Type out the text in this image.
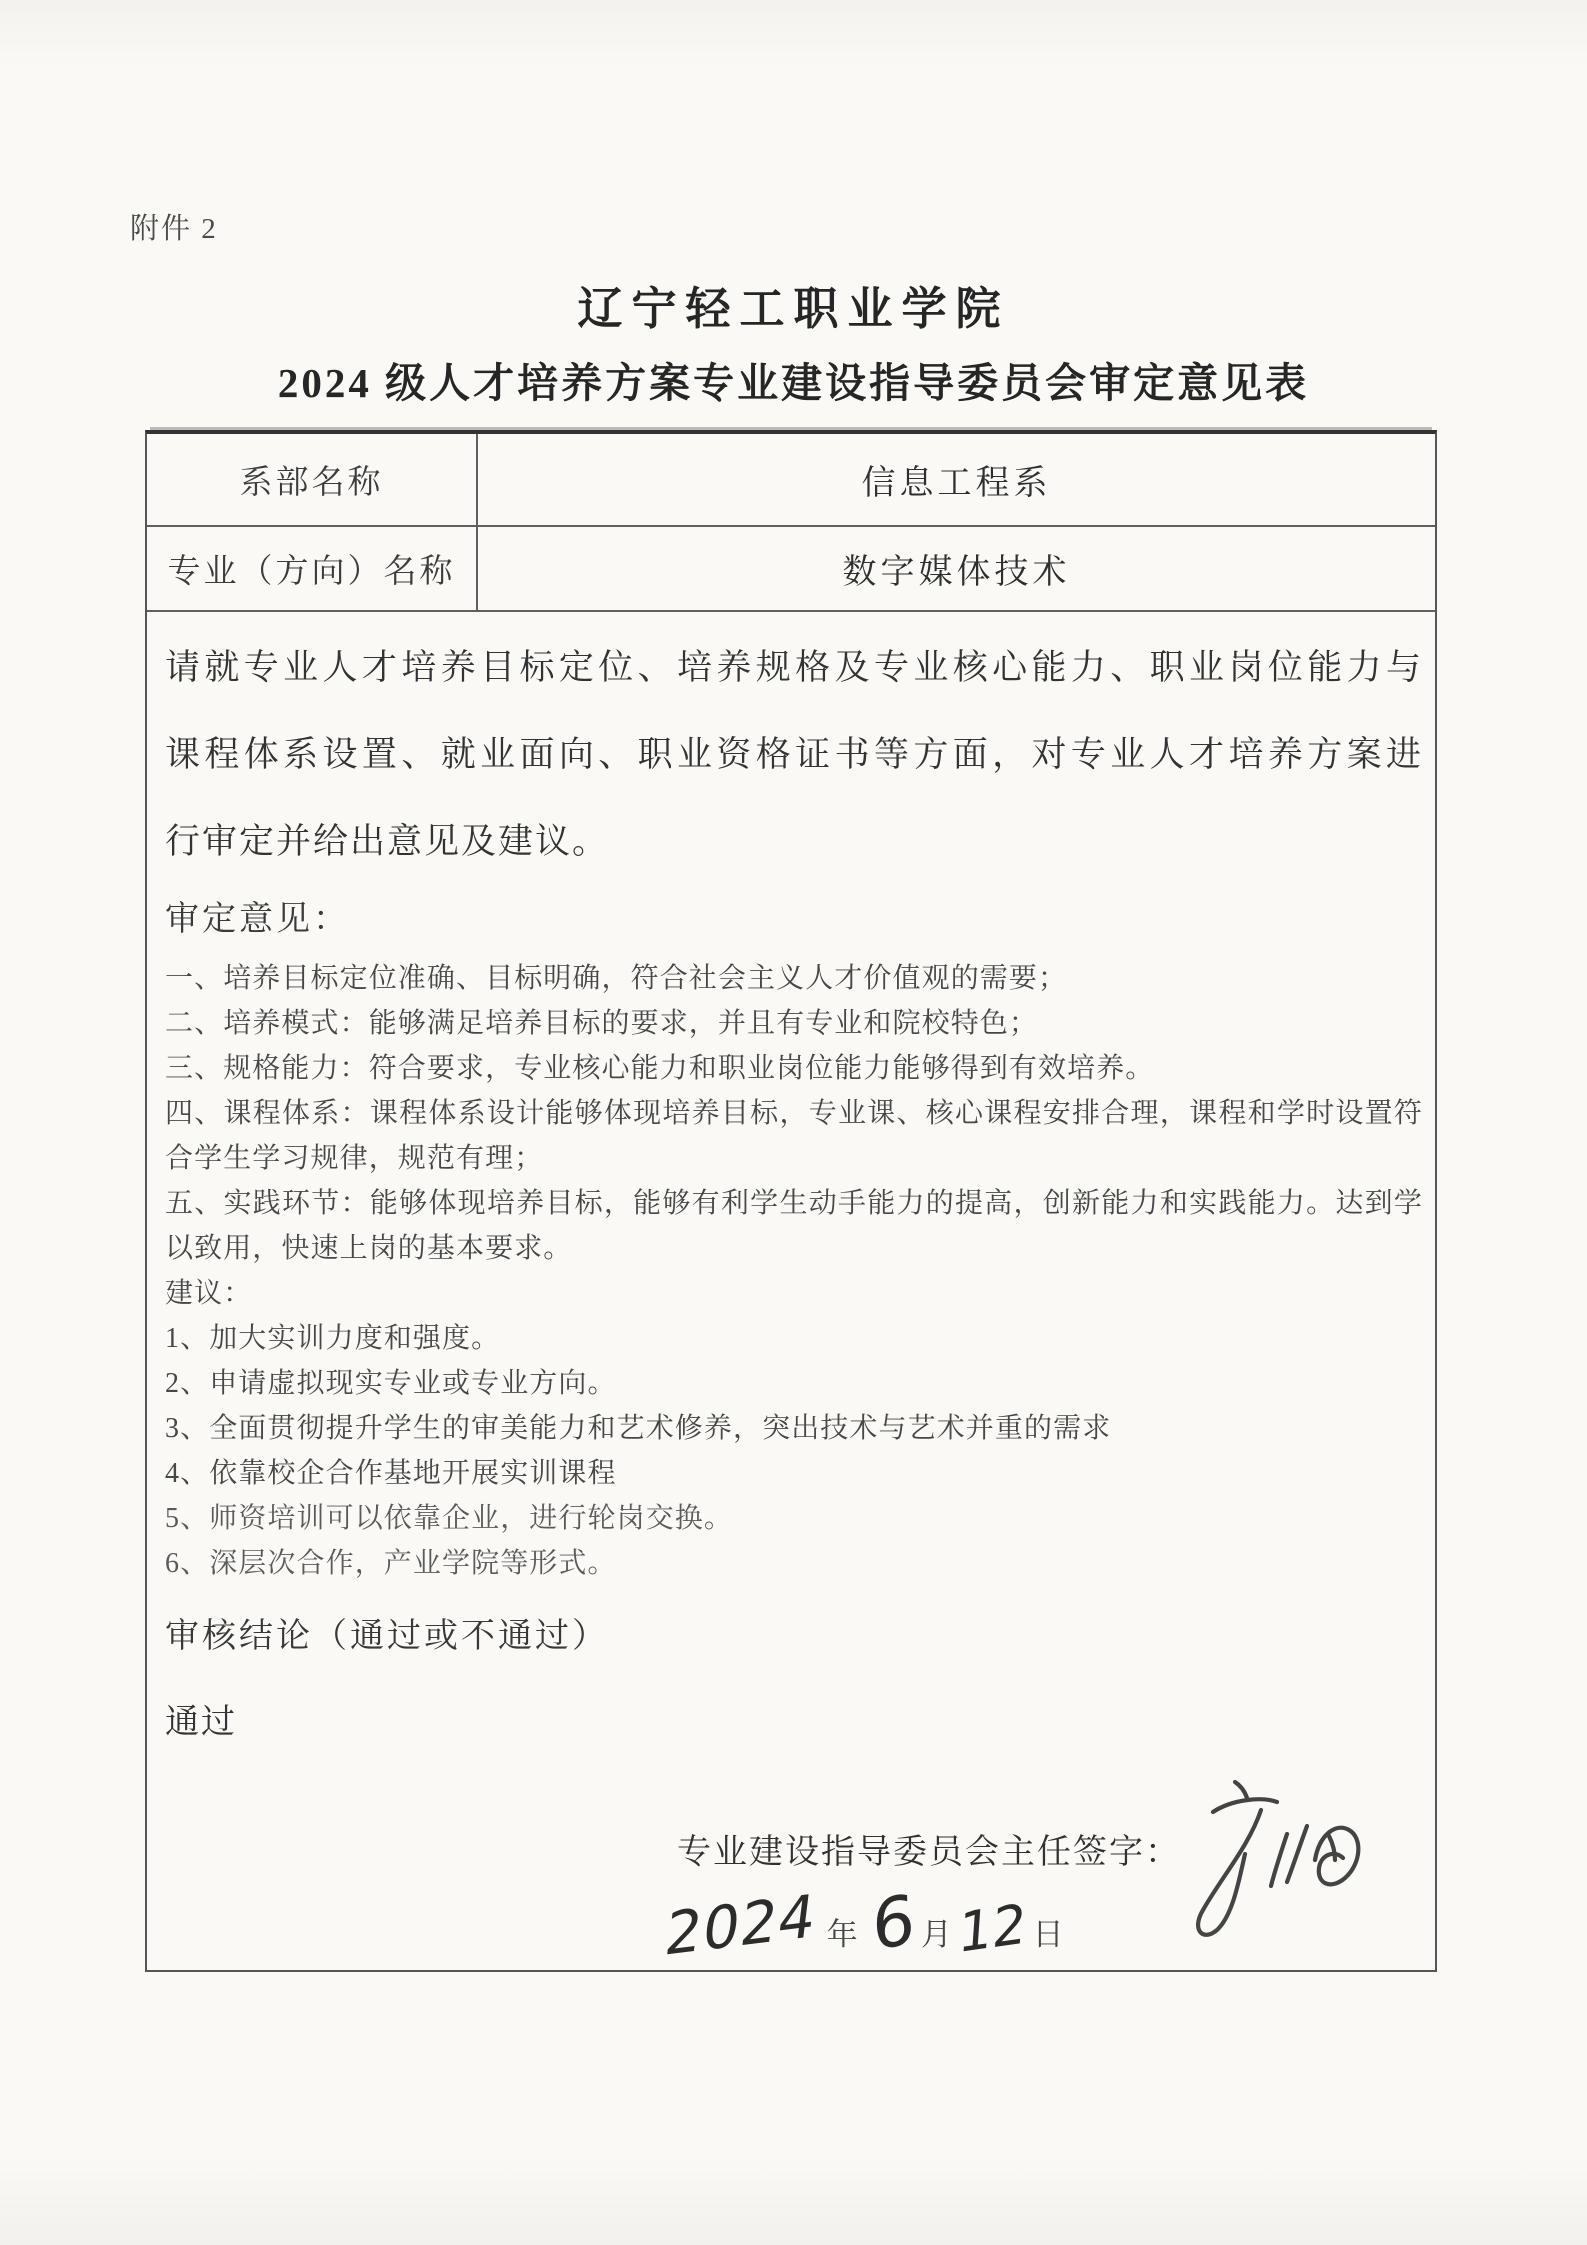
附件 2
辽宁轻工职业学院
2024 级人才培养方案专业建设指导委员会审定意见表
系部名称	信息工程系
专业（方向）名称	数字媒体技术
请就专业人才培养目标定位、培养规格及专业核心能力、职业岗位能力与
课程体系设置、就业面向、职业资格证书等方面，对专业人才培养方案进
行审定并给出意见及建议。
审定意见：
一、培养目标定位准确、目标明确，符合社会主义人才价值观的需要；
二、培养模式：能够满足培养目标的要求，并且有专业和院校特色；
三、规格能力：符合要求，专业核心能力和职业岗位能力能够得到有效培养。
四、课程体系：课程体系设计能够体现培养目标，专业课、核心课程安排合理，课程和学时设置符合学生学习规律，规范有理；
五、实践环节：能够体现培养目标，能够有利学生动手能力的提高，创新能力和实践能力。达到学以致用，快速上岗的基本要求。
建议：
1、加大实训力度和强度。
2、申请虚拟现实专业或专业方向。
3、全面贯彻提升学生的审美能力和艺术修养，突出技术与艺术并重的需求
4、依靠校企合作基地开展实训课程
5、师资培训可以依靠企业，进行轮岗交换。
6、深层次合作，产业学院等形式。
审核结论（通过或不通过）
通过
专业建设指导委员会主任签字：
2024 年 6 月 12 日
